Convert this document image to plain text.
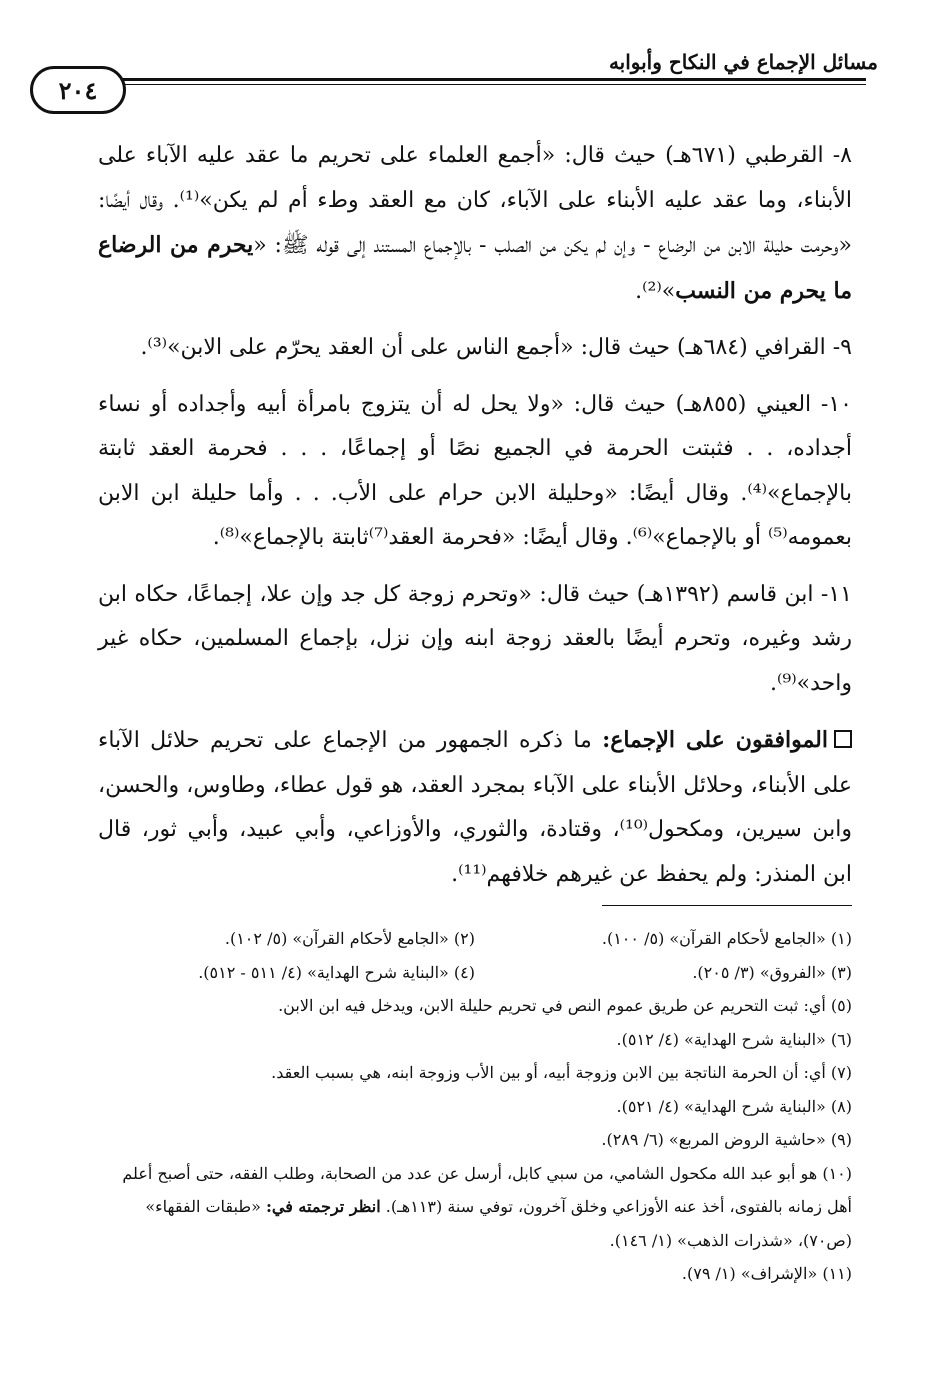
مسائل الإجماع في النكاح وأبوابه
٢٠٤

٨- القرطبي (٦٧١هـ) حيث قال: «أجمع العلماء على تحريم ما عقد عليه الآباء على الأبناء، وما عقد عليه الأبناء على الآباء، كان مع العقد وطء أم لم يكن»⁽¹⁾. وقال أيضًا: «وحرمت حليلة الابن من الرضاع - وإن لم يكن من الصلب - بالإجماع المستند إلى قوله ﷺ: «يحرم من الرضاع ما يحرم من النسب»⁽²⁾.

٩- القرافي (٦٨٤هـ) حيث قال: «أجمع الناس على أن العقد يحرّم على الابن»⁽³⁾.

١٠- العيني (٨٥٥هـ) حيث قال: «ولا يحل له أن يتزوج بامرأة أبيه وأجداده أو نساء أجداده، . . فثبتت الحرمة في الجميع نصًا أو إجماعًا، . . . فحرمة العقد ثابتة بالإجماع»⁽⁴⁾. وقال أيضًا: «وحليلة الابن حرام على الأب. . . وأما حليلة ابن الابن بعمومه⁽⁵⁾ أو بالإجماع»⁽⁶⁾. وقال أيضًا: «فحرمة العقد⁽⁷⁾ثابتة بالإجماع»⁽⁸⁾.

١١- ابن قاسم (١٣٩٢هـ) حيث قال: «وتحرم زوجة كل جد وإن علا، إجماعًا، حكاه ابن رشد وغيره، وتحرم أيضًا بالعقد زوجة ابنه وإن نزل، بإجماع المسلمين، حكاه غير واحد»⁽⁹⁾.

الموافقون على الإجماع: ما ذكره الجمهور من الإجماع على تحريم حلائل الآباء على الأبناء، وحلائل الأبناء على الآباء بمجرد العقد، هو قول عطاء، وطاوس، والحسن، وابن سيرين، ومكحول⁽¹⁰⁾، وقتادة، والثوري، والأوزاعي، وأبي عبيد، وأبي ثور، قال ابن المنذر: ولم يحفظ عن غيرهم خلافهم⁽¹¹⁾.

(١) «الجامع لأحكام القرآن» (٥/ ١٠٠).
(٢) «الجامع لأحكام القرآن» (٥/ ١٠٢).
(٣) «الفروق» (٣/ ٢٠٥).
(٤) «البناية شرح الهداية» (٤/ ٥١١ - ٥١٢).

(٥) أي: ثبت التحريم عن طريق عموم النص في تحريم حليلة الابن، ويدخل فيه ابن الابن.

(٦) «البناية شرح الهداية» (٤/ ٥١٢).

(٧) أي: أن الحرمة الناتجة بين الابن وزوجة أبيه، أو بين الأب وزوجة ابنه، هي بسبب العقد.

(٨) «البناية شرح الهداية» (٤/ ٥٢١).

(٩) «حاشية الروض المربع» (٦/ ٢٨٩).

(١٠) هو أبو عبد الله مكحول الشامي، من سبي كابل، أرسل عن عدد من الصحابة، وطلب الفقه، حتى أصبح أعلم أهل زمانه بالفتوى، أخذ عنه الأوزاعي وخلق آخرون، توفي سنة (١١٣هـ). انظر ترجمته في: «طبقات الفقهاء» (ص٧٠)، «شذرات الذهب» (١/ ١٤٦).

(١١) «الإشراف» (١/ ٧٩).
